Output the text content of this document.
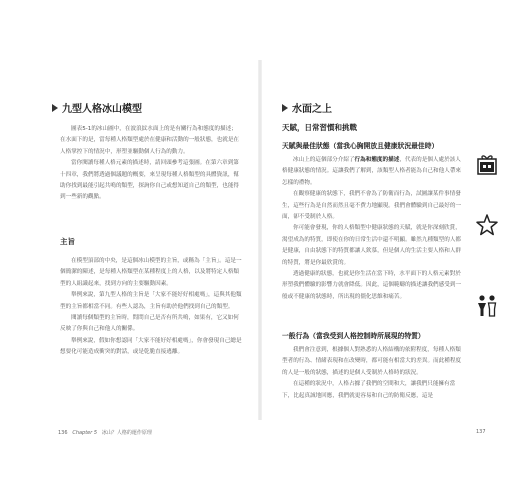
九型人格冰山模型

圖表5-1的冰山圖中，在波浪紋水面上的是有關行為和態度的描述；在水面下的是，當每種人格類型處於在健康和活動的一般狀態，也就是在人格掌控下的情況中，形塑並驅動個人行為的動力。

當你閱讀每種人格元素的描述時，請回頭參考這張圖。在第六章到第十四章，我們將透過個議題的概要，來呈現每種人格類型的具體資訊，幫助你找到最能引起共鳴的類型，探詢你自己或想知道自己的類型，也能得到一些新的觀點。

主旨

在模型頂部的中央，是這個冰山模型的主旨，或稱為「主旨」。這是一個簡潔的陳述，是每種人格類型在某種程度上的人格，以及將特定人格類型的人組識起來，找到方向的主要驅動因素。

舉例來說，第九型人格的主旨是「大家不能好好相處嗎」，這與其他類型的主旨都相當不同。有些人認為，主旨有助於他們找到自己的類型。

閱讀每個類型的主旨時，問問自己是否有所共鳴，如果有，它又如何反映了你與自己和他人的關係。

舉例來說，假如你想認同「大家不能好好相處嗎」，你會發現自己總是想要化可能造成衝突的對話，或是乾脆直接逃離。

136 Chapter 5 冰山？人格的運作原理
水面之上
天賦，日常習慣和挑戰
天賦與最佳狀態（當我心胸開放且健康狀況最佳時）

冰山上的這個部分介紹了行為和態度的描述，代表的是個人處於該人格健康狀態的情況。這讓我們了解到，該類型人格者能為自己和他人帶來怎樣的禮物。

在觀察健康的狀態下，我們不會為了防衛而行為，試圖讓某件事情發生，這些行為是自然而然且毫不費力地顯現。我們會體驗到自己最好的一面，卻不受制於人格。

你可能會發現，你的人格類型中健康狀態的天賦，就是你深刻欣賞，渴望成為的特質，即使在你的日常生活中還不明顯。雖然九種類型的人都是健康，自由狀態下的特質都讓人欽慕，但是個人的生活主要人格和人群的特質，將是你最欣賞的。

透過健康的狀態，也就是你生活在當下時，水平面下的人格元素對於形塑我們體驗的影響力就會降低。因此，這個範疇的描述讓我們感受到一般或不健康的狀態時，所出現的僵化思維和痛苦。

一般行為（當我受到人格控制時所展現的特質）

我們會注意到，根據個人對熟悉的人格結構的依附程度，每種人格類型者的行為、情緒表現和在改變時，都可能有相當大的差異。而此種程度的人是一般的狀態，描述的是個人受制於人格時的狀況。

在這種的狀況中，人格占據了我們的空間和大，讓我們只能擁有當下，比起真誠地回應，我們就更容易和自己的防衛反應，這是

137
